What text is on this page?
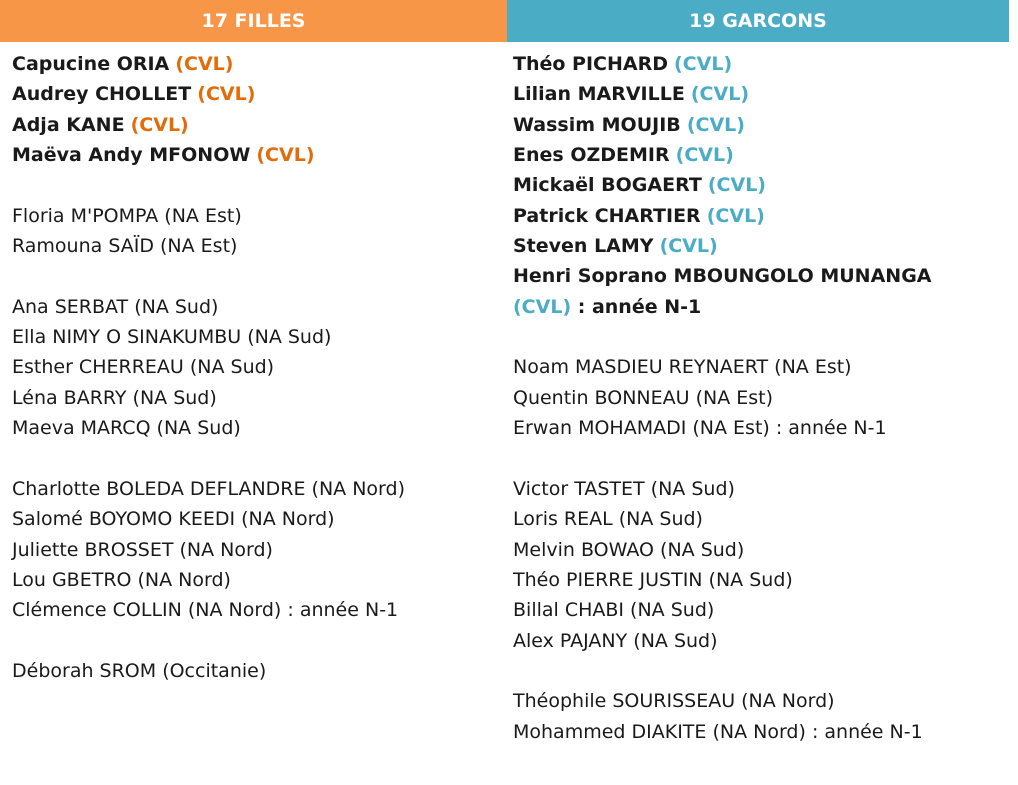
17 FILLES	19 GARCONS
Capucine ORIA (CVL)
Audrey CHOLLET (CVL)
Adja KANE (CVL)
Maëva Andy MFONOW (CVL)
Floria M'POMPA (NA Est)
Ramouna SAÏD (NA Est)
Ana SERBAT (NA Sud)
Ella NIMY O SINAKUMBU (NA Sud)
Esther CHERREAU (NA Sud)
Léna BARRY (NA Sud)
Maeva MARCQ (NA Sud)
Charlotte BOLEDA DEFLANDRE (NA Nord)
Salomé BOYOMO KEEDI (NA Nord)
Juliette BROSSET (NA Nord)
Lou GBETRO (NA Nord)
Clémence COLLIN (NA Nord) : année N-1
Déborah SROM (Occitanie)
Théo PICHARD (CVL)
Lilian MARVILLE (CVL)
Wassim MOUJIB (CVL)
Enes OZDEMIR (CVL)
Mickaël BOGAERT (CVL)
Patrick CHARTIER (CVL)
Steven LAMY (CVL)
Henri Soprano MBOUNGOLO MUNANGA
(CVL) : année N-1
Noam MASDIEU REYNAERT (NA Est)
Quentin BONNEAU (NA Est)
Erwan MOHAMADI (NA Est) : année N-1
Victor TASTET (NA Sud)
Loris REAL (NA Sud)
Melvin BOWAO (NA Sud)
Théo PIERRE JUSTIN (NA Sud)
Billal CHABI (NA Sud)
Alex PAJANY (NA Sud)
Théophile SOURISSEAU (NA Nord)
Mohammed DIAKITE (NA Nord) : année N-1
